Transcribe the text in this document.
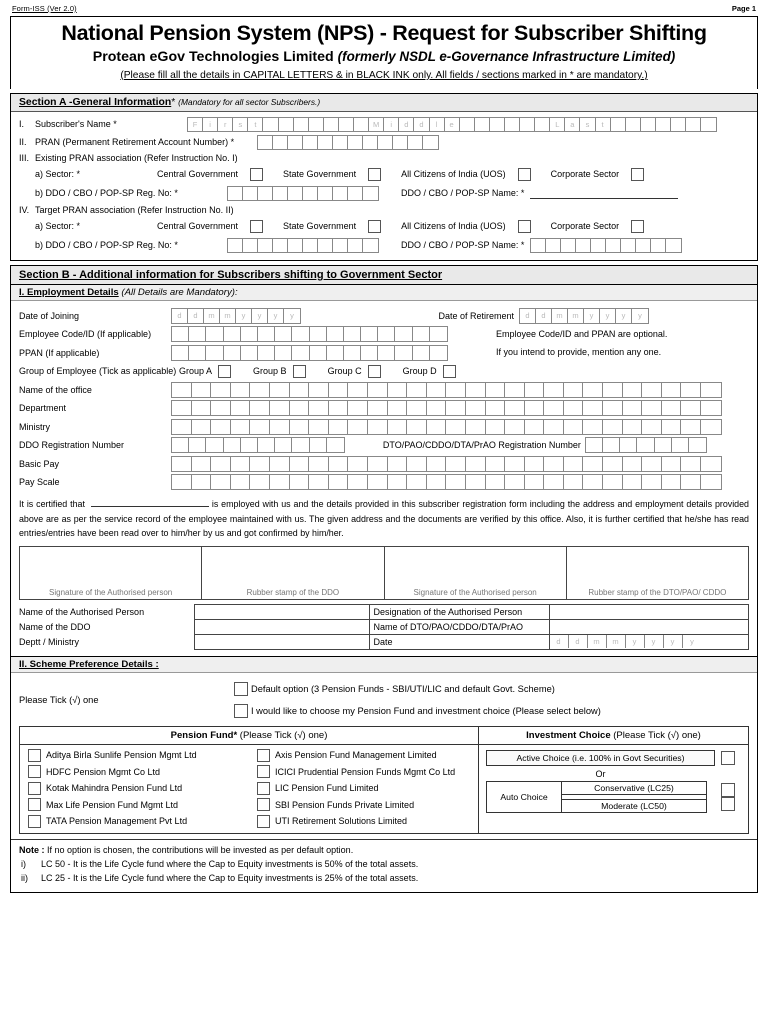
Form-ISS (Ver 2.0)	Page 1
National Pension System (NPS) - Request for Subscriber Shifting
Protean eGov Technologies Limited (formerly NSDL e-Governance Infrastructure Limited)
(Please fill all the details in CAPITAL LETTERS & in BLACK INK only. All fields / sections marked in * are mandatory.)
Section A -General Information* (Mandatory for all sector Subscribers.)
I.	Subscriber's Name *	F	i	r	s	t	M	i	d	d	l	e	L	a	s	t
II. PRAN (Permanent Retirement Account Number) *
III. Existing PRAN association (Refer Instruction No. I)
a) Sector: *	Central Government	State Government	All Citizens of India (UOS)	Corporate Sector
b) DDO / CBO / POP-SP Reg. No: *	DDO / CBO / POP-SP Name: *
IV. Target PRAN association (Refer Instruction No. II)
a) Sector: *	Central Government	State Government	All Citizens of India (UOS)	Corporate Sector
b) DDO / CBO / POP-SP Reg. No: *	DDO / CBO / POP-SP Name: *
Section B - Additional information for Subscribers shifting to Government Sector
I. Employment Details (All Details are Mandatory):
Date of Joining	d	d	m	m	y	y	y	y	Date of Retirement	d	d	m	m	y	y	y	y
Employee Code/ID (If applicable)	Employee Code/ID and PPAN are optional.
PPAN (If applicable)	If you intend to provide, mention any one.
Group of Employee (Tick as applicable) Group A	Group B	Group C	Group D
Name of the office
Department
Ministry
DDO Registration Number	DTO/PAO/CDDO/DTA/PrAO Registration Number
Basic Pay
Pay Scale
It is certified that	is employed with us and the details provided in this subscriber registration form including the address and employment details provided above are as per the service record of the employee maintained with us. The given address and the documents are verified by this office. Also, it is further certified that he/she has read entries/entries have been read over to him/her by us and got confirmed by him/her.
Signature of the Authorised person	Rubber stamp of the DDO	Signature of the Authorised person	Rubber stamp of the DTO/PAO/ CDDO
Name of the Authorised Person		Designation of the Authorised Person	
Name of the DDO		Name of DTO/PAO/CDDO/DTA/PrAO	
Deptt / Ministry		Date	d	d	m	m	y	y	y	y
II. Scheme Preference Details :
Please Tick (√) one
Default option (3 Pension Funds - SBI/UTI/LIC and default Govt. Scheme)
I would like to choose my Pension Fund and investment choice (Please select below)
Pension Fund* (Please Tick (√) one)
Aditya Birla Sunlife Pension Mgmt Ltd
HDFC Pension Mgmt Co Ltd
Kotak Mahindra Pension Fund Ltd
Max Life Pension Fund Mgmt Ltd
TATA Pension Management Pvt Ltd
Axis Pension Fund Management Limited
ICICI Prudential Pension Funds Mgmt Co Ltd
LIC Pension Fund Limited
SBI Pension Funds Private Limited
UTI Retirement Solutions Limited
Investment Choice (Please Tick (√) one)
Active Choice (i.e. 100% in Govt Securities)
Or
Auto Choice
Conservative (LC25)
Moderate (LC50)
Note : If no option is chosen, the contributions will be invested as per default option.
i)	LC 50 - It is the Life Cycle fund where the Cap to Equity investments is 50% of the total assets.
ii)	LC 25 - It is the Life Cycle fund where the Cap to Equity investments is 25% of the total assets.
